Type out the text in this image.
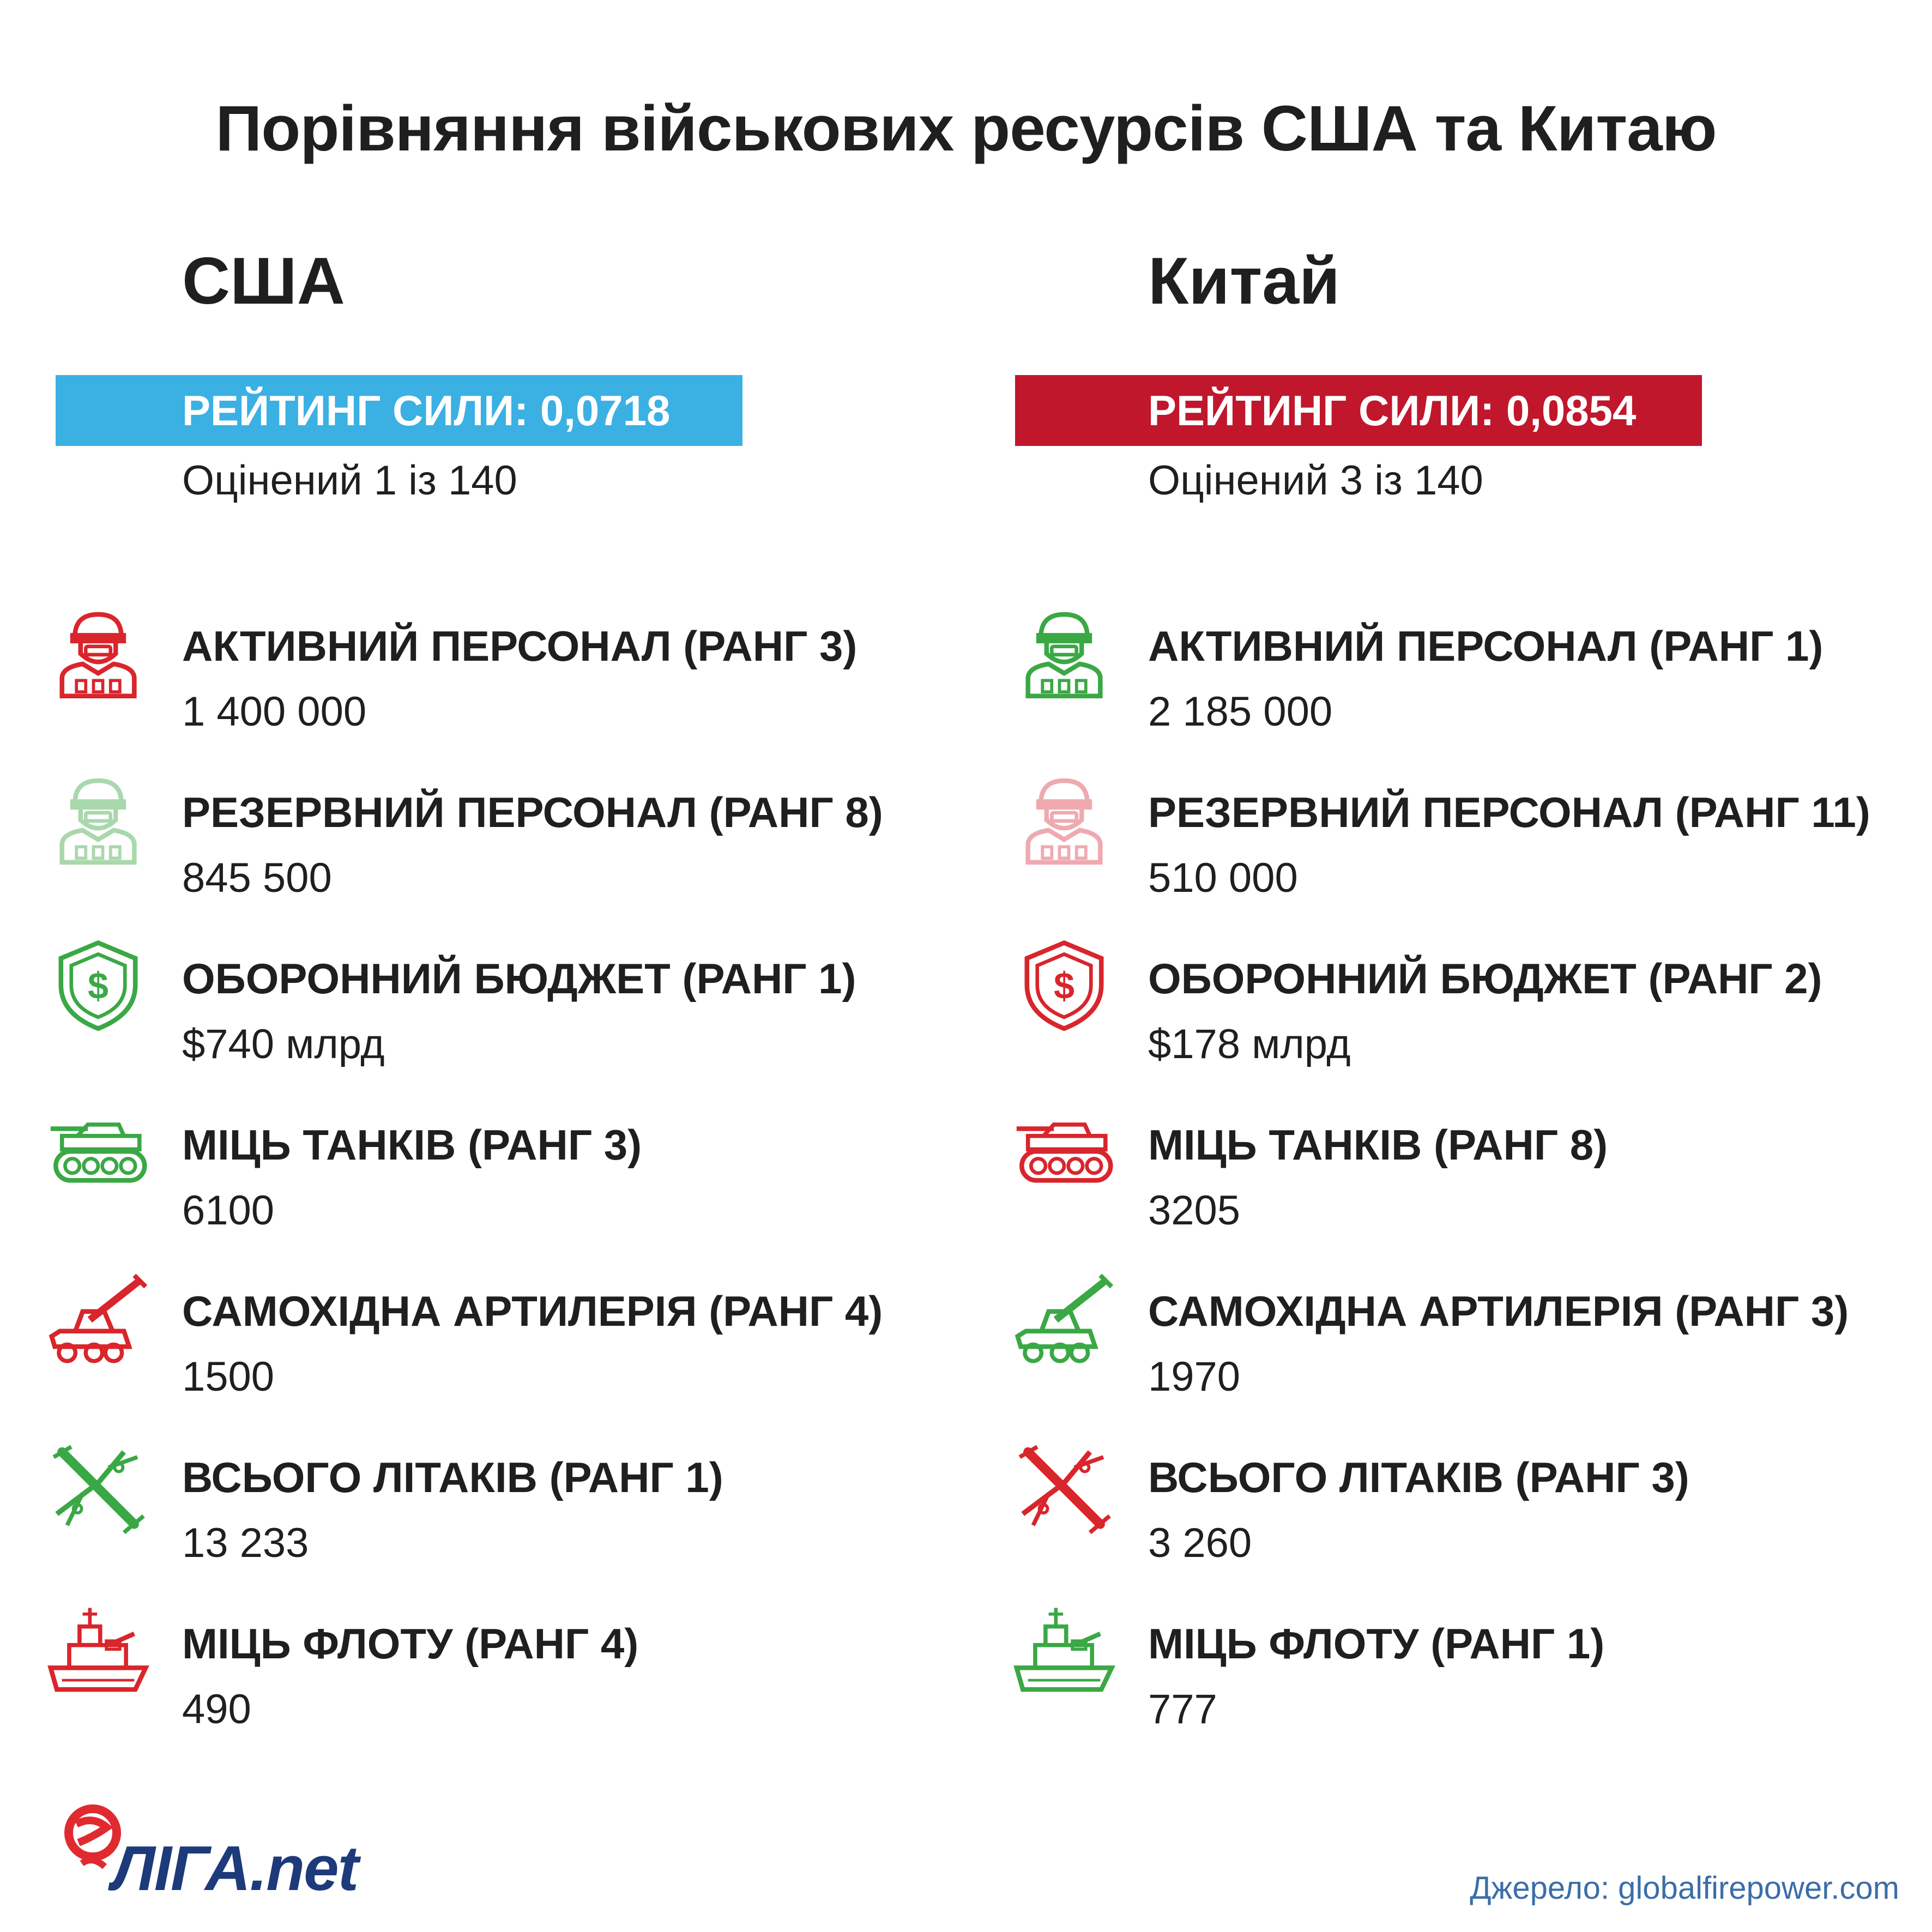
Порівняння військових ресурсів США та Китаю
США
РЕЙТИНГ СИЛИ: 0,0718
Оцінений 1 із 140
АКТИВНИЙ ПЕРСОНАЛ (РАНГ 3)
1 400 000
РЕЗЕРВНИЙ ПЕРСОНАЛ (РАНГ 8)
845 500
$ ОБОРОННИЙ БЮДЖЕТ (РАНГ 1)
$740 млрд
МІЦЬ ТАНКІВ (РАНГ 3)
6100
САМОХІДНА АРТИЛЕРІЯ (РАНГ 4)
1500
ВСЬОГО ЛІТАКІВ (РАНГ 1)
13 233
МІЦЬ ФЛОТУ (РАНГ 4)
490
Китай
РЕЙТИНГ СИЛИ: 0,0854
Оцінений 3 із 140
АКТИВНИЙ ПЕРСОНАЛ (РАНГ 1)
2 185 000
РЕЗЕРВНИЙ ПЕРСОНАЛ (РАНГ 11)
510 000
$ ОБОРОННИЙ БЮДЖЕТ (РАНГ 2)
$178 млрд
МІЦЬ ТАНКІВ (РАНГ 8)
3205
САМОХІДНА АРТИЛЕРІЯ (РАНГ 3)
1970
ВСЬОГО ЛІТАКІВ (РАНГ 3)
3 260
МІЦЬ ФЛОТУ (РАНГ 1)
777
ЛІГА.net	Джерело: globalfirepower.com
